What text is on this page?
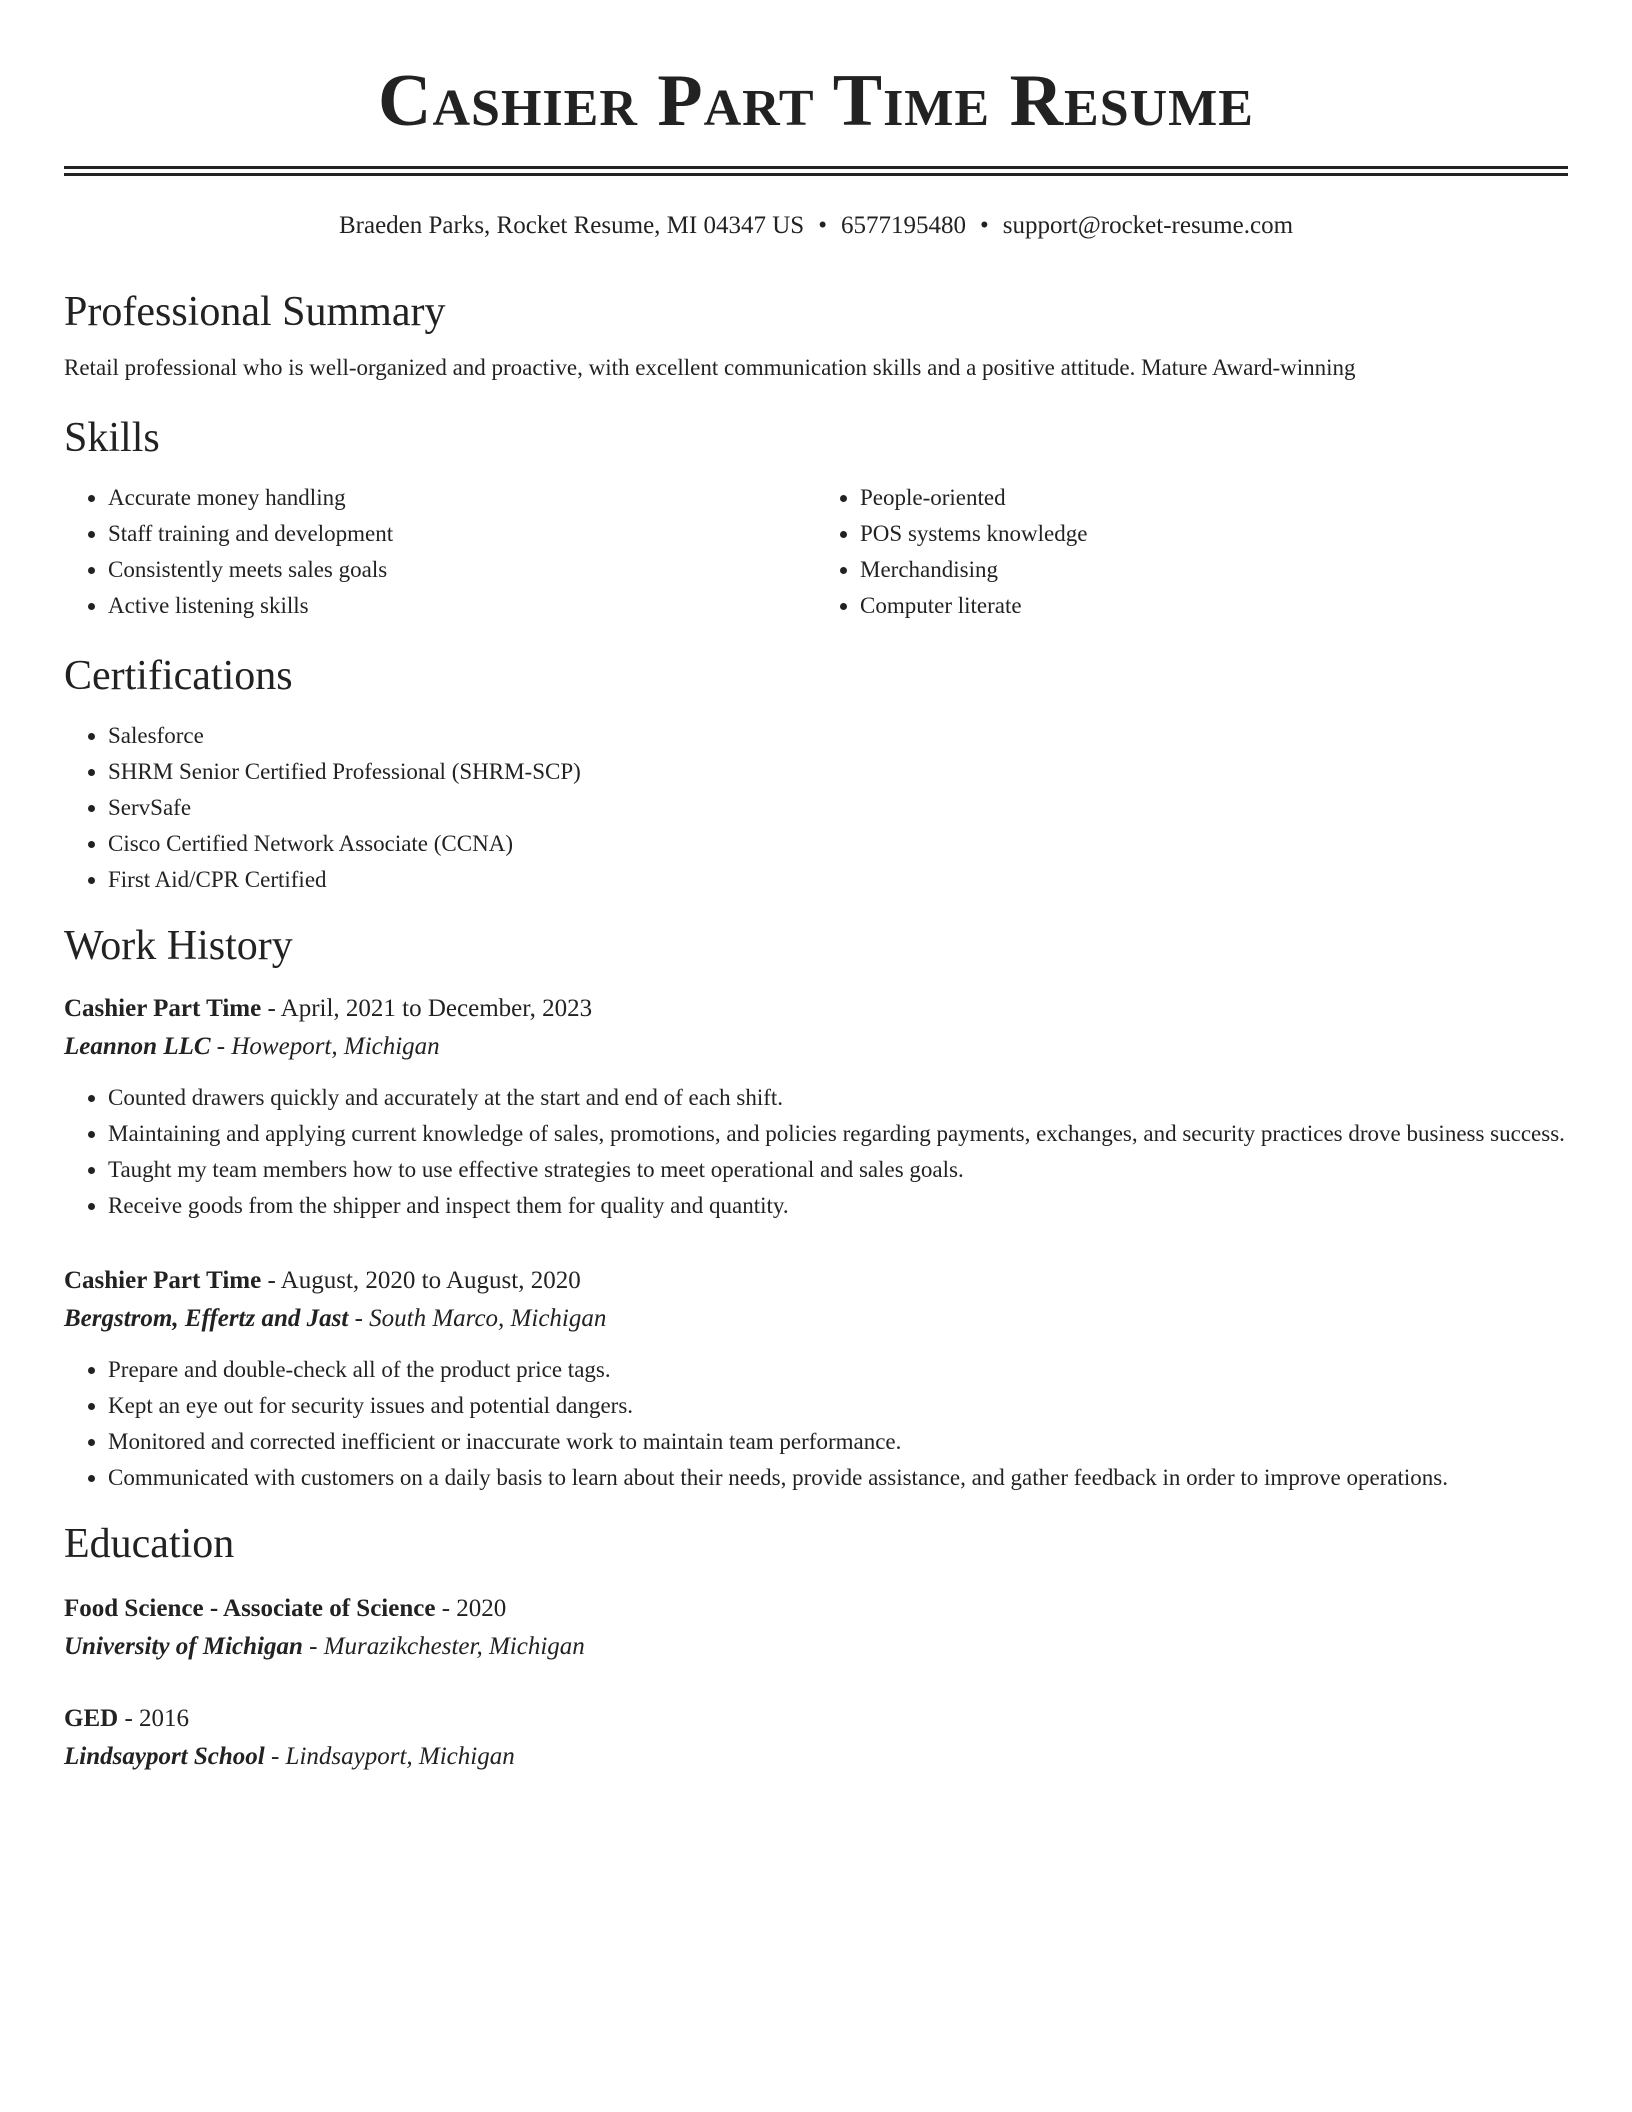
Cashier Part Time Resume
Braeden Parks, Rocket Resume, MI 04347 US • 6577195480 • support@rocket-resume.com
Professional Summary

Retail professional who is well-organized and proactive, with excellent communication skills and a positive attitude. Mature Award-winning

Skills
• Accurate money handling
• Staff training and development
• Consistently meets sales goals
• Active listening skills
• People-oriented
• POS systems knowledge
• Merchandising
• Computer literate
Certifications
• Salesforce
• SHRM Senior Certified Professional (SHRM-SCP)
• ServSafe
• Cisco Certified Network Associate (CCNA)
• First Aid/CPR Certified
Work History
Cashier Part Time - April, 2021 to December, 2023
Leannon LLC - Howeport, Michigan
• Counted drawers quickly and accurately at the start and end of each shift.
• Maintaining and applying current knowledge of sales, promotions, and policies regarding payments, exchanges, and security practices drove business success.
• Taught my team members how to use effective strategies to meet operational and sales goals.
• Receive goods from the shipper and inspect them for quality and quantity.
Cashier Part Time - August, 2020 to August, 2020
Bergstrom, Effertz and Jast - South Marco, Michigan
• Prepare and double-check all of the product price tags.
• Kept an eye out for security issues and potential dangers.
• Monitored and corrected inefficient or inaccurate work to maintain team performance.
• Communicated with customers on a daily basis to learn about their needs, provide assistance, and gather feedback in order to improve operations.
Education
Food Science - Associate of Science - 2020
University of Michigan - Murazikchester, Michigan
GED - 2016
Lindsayport School - Lindsayport, Michigan
